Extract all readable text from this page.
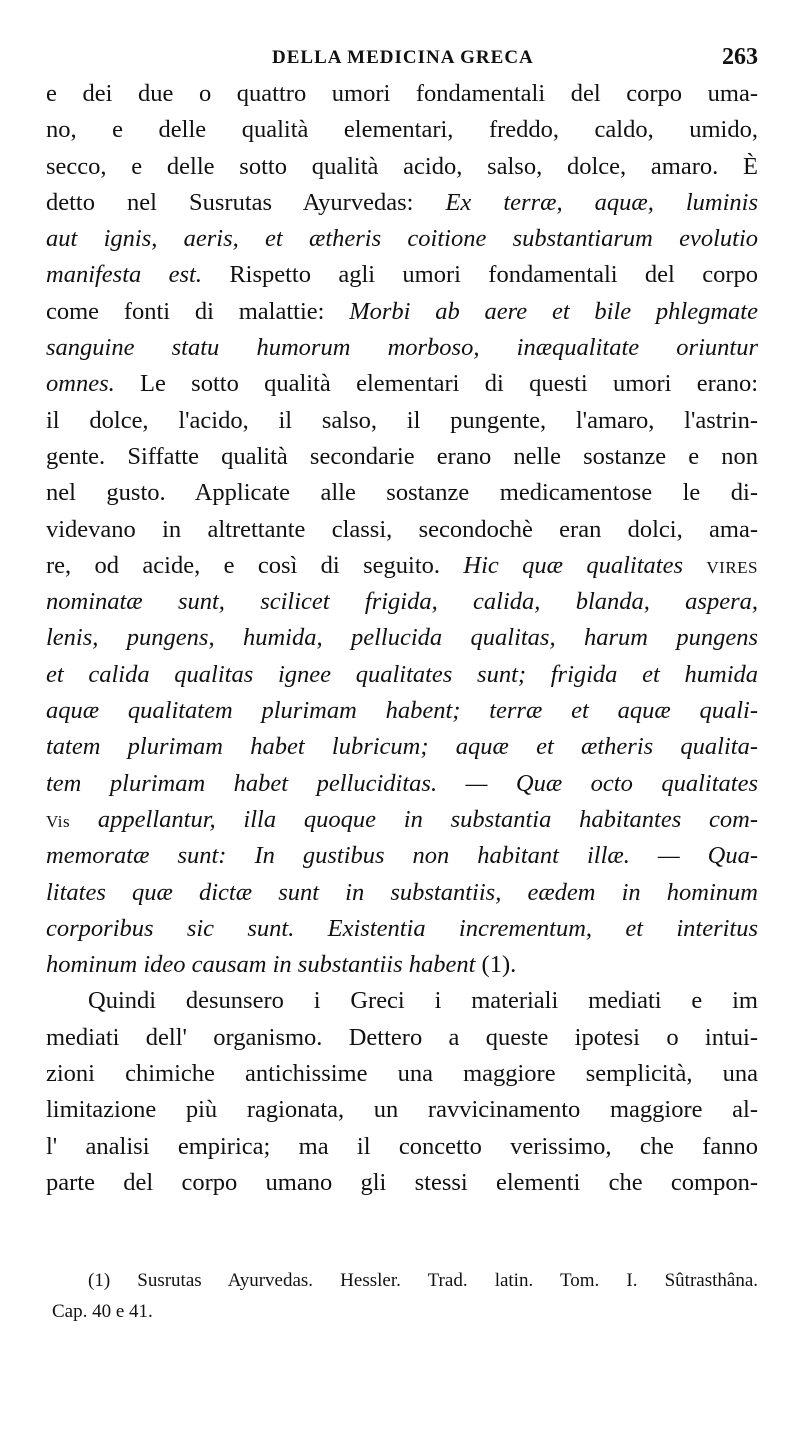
DELLA MEDICINA GRECA	263
e dei due o quattro umori fondamentali del corpo uma-
no, e delle qualità elementari, freddo, caldo, umido,
secco, e delle sotto qualità acido, salso, dolce, amaro. È
detto nel Susrutas Ayurvedas: Ex terræ, aquæ, luminis
aut ignis, aeris, et ætheris coitione substantiarum evolutio
manifesta est. Rispetto agli umori fondamentali del corpo
come fonti di malattie: Morbi ab aere et bile phlegmate
sanguine statu humorum morboso, inæqualitate oriuntur
omnes. Le sotto qualità elementari di questi umori erano:
il dolce, l'acido, il salso, il pungente, l'amaro, l'astrin-
gente. Siffatte qualità secondarie erano nelle sostanze e non
nel gusto. Applicate alle sostanze medicamentose le di-
videvano in altrettante classi, secondochè eran dolci, ama-
re, od acide, e così di seguito. Hic quæ qualitates VIRES
nominatæ sunt, scilicet frigida, calida, blanda, aspera,
lenis, pungens, humida, pellucida qualitas, harum pungens
et calida qualitas ignee qualitates sunt; frigida et humida
aquæ qualitatem plurimam habent; terræ et aquæ quali-
tatem plurimam habet lubricum; aquæ et ætheris qualita-
tem plurimam habet pelluciditas. — Quæ octo qualitates
Vis appellantur, illa quoque in substantia habitantes com-
memoratæ sunt: In gustibus non habitant illæ. — Qua-
litates quæ dictæ sunt in substantiis, eædem in hominum
corporibus sic sunt. Existentia incrementum, et interitus
hominum ideo causam in substantiis habent (1).
Quindi desunsero i Greci i materiali mediati e im
mediati dell' organismo. Dettero a queste ipotesi o intui-
zioni chimiche antichissime una maggiore semplicità, una
limitazione più ragionata, un ravvicinamento maggiore al-
l' analisi empirica; ma il concetto verissimo, che fanno
parte del corpo umano gli stessi elementi che compon-
(1) Susrutas Ayurvedas. Hessler. Trad. latin. Tom. I. Sûtrasthâna.
Cap. 40 e 41.
